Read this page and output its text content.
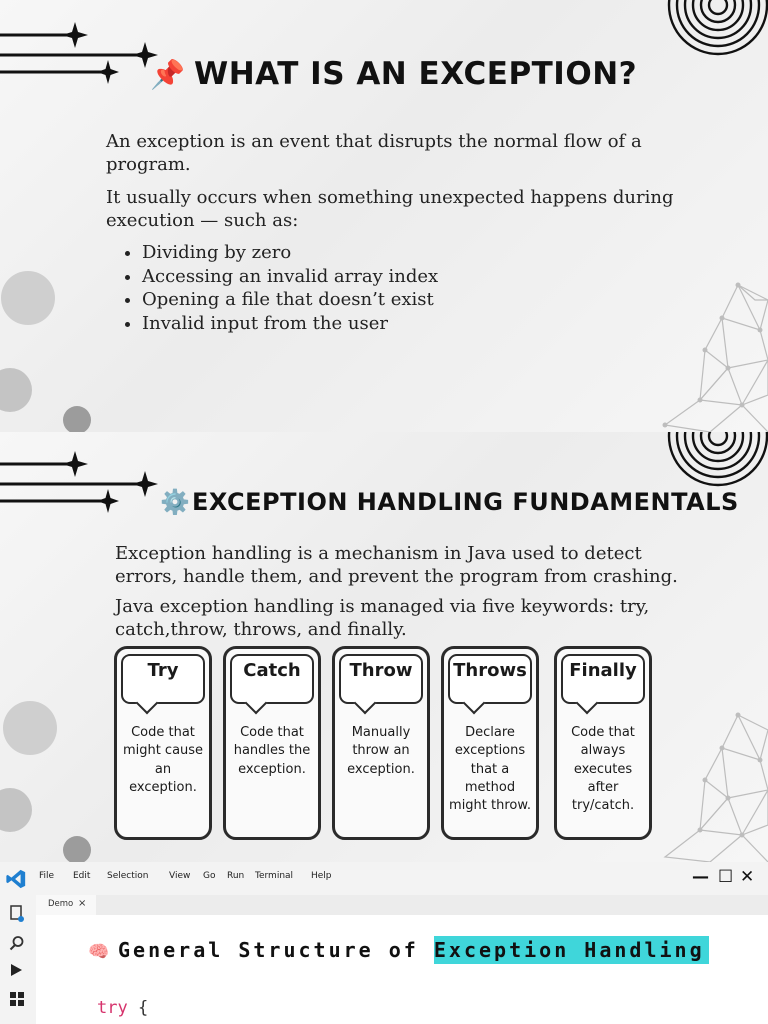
📌 WHAT IS AN EXCEPTION?
An exception is an event that disrupts the normal flow of a program.
It usually occurs when something unexpected happens during execution — such as:
• Dividing by zero
• Accessing an invalid array index
• Opening a file that doesn’t exist
• Invalid input from the user
⚙️EXCEPTION HANDLING FUNDAMENTALS
Exception handling is a mechanism in Java used to detect errors, handle them, and prevent the program from crashing.
Java exception handling is managed via five keywords: try, catch,throw, throws, and finally.
Try
Code that might cause an exception.
Catch
Code that handles the exception.
Throw
Manually throw an exception.
Throws
Declare exceptions that a method might throw.
Finally
Code that always executes after try/catch.
File Edit Selection View Go Run Terminal Help	— ☐ ✕
Demo ×
🧠 General Structure of Exception Handling
try {
